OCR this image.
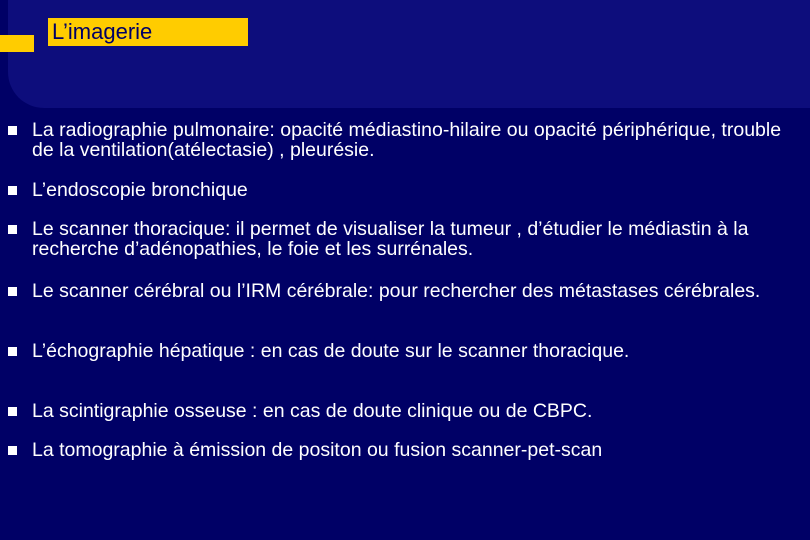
L’imagerie
La radiographie pulmonaire: opacité médiastino-hilaire ou opacité périphérique, trouble de la ventilation(atélectasie) , pleurésie.
L’endoscopie bronchique
Le scanner thoracique: il permet de visualiser la tumeur , d’étudier le médiastin à la recherche d’adénopathies, le foie et les surrénales.
Le scanner cérébral ou l’IRM cérébrale: pour rechercher des métastases cérébrales.
L’échographie hépatique : en cas de doute sur le scanner thoracique.
La scintigraphie osseuse : en cas de doute clinique ou de CBPC.
La tomographie à émission de positon ou fusion scanner-pet-scan
